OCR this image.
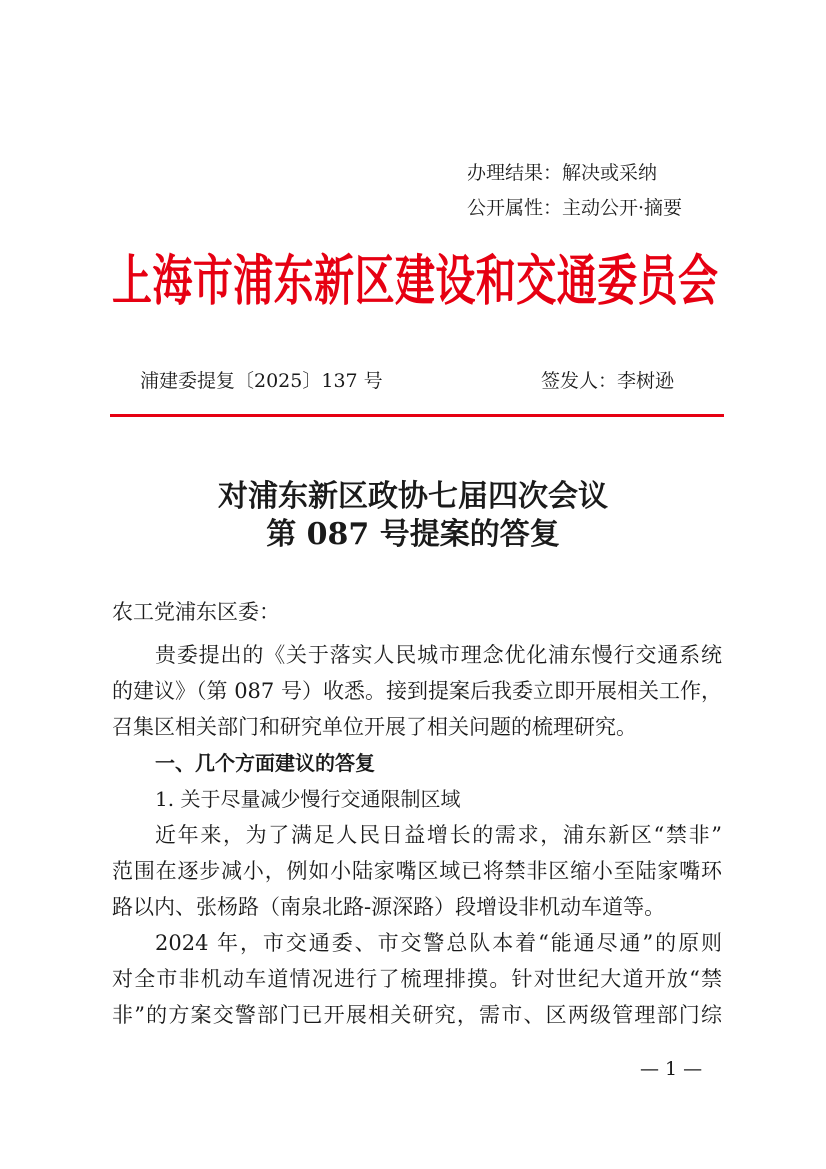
办理结果：解决或采纳
公开属性：主动公开·摘要
上海市浦东新区建设和交通委员会
浦建委提复〔2025〕137 号	签发人：李树逊
对浦东新区政协七届四次会议
第 087 号提案的答复
农工党浦东区委：
贵委提出的《关于落实人民城市理念优化浦东慢行交通系统
的建议》（第 087 号）收悉。接到提案后我委立即开展相关工作，
召集区相关部门和研究单位开展了相关问题的梳理研究。
一、几个方面建议的答复
1. 关于尽量减少慢行交通限制区域
近年来，为了满足人民日益增长的需求，浦东新区“禁非”
范围在逐步减小，例如小陆家嘴区域已将禁非区缩小至陆家嘴环
路以内、张杨路（南泉北路-源深路）段增设非机动车道等。
2024 年，市交通委、市交警总队本着“能通尽通”的原则
对全市非机动车道情况进行了梳理排摸。针对世纪大道开放“禁
非”的方案交警部门已开展相关研究，需市、区两级管理部门综
— 1 —
